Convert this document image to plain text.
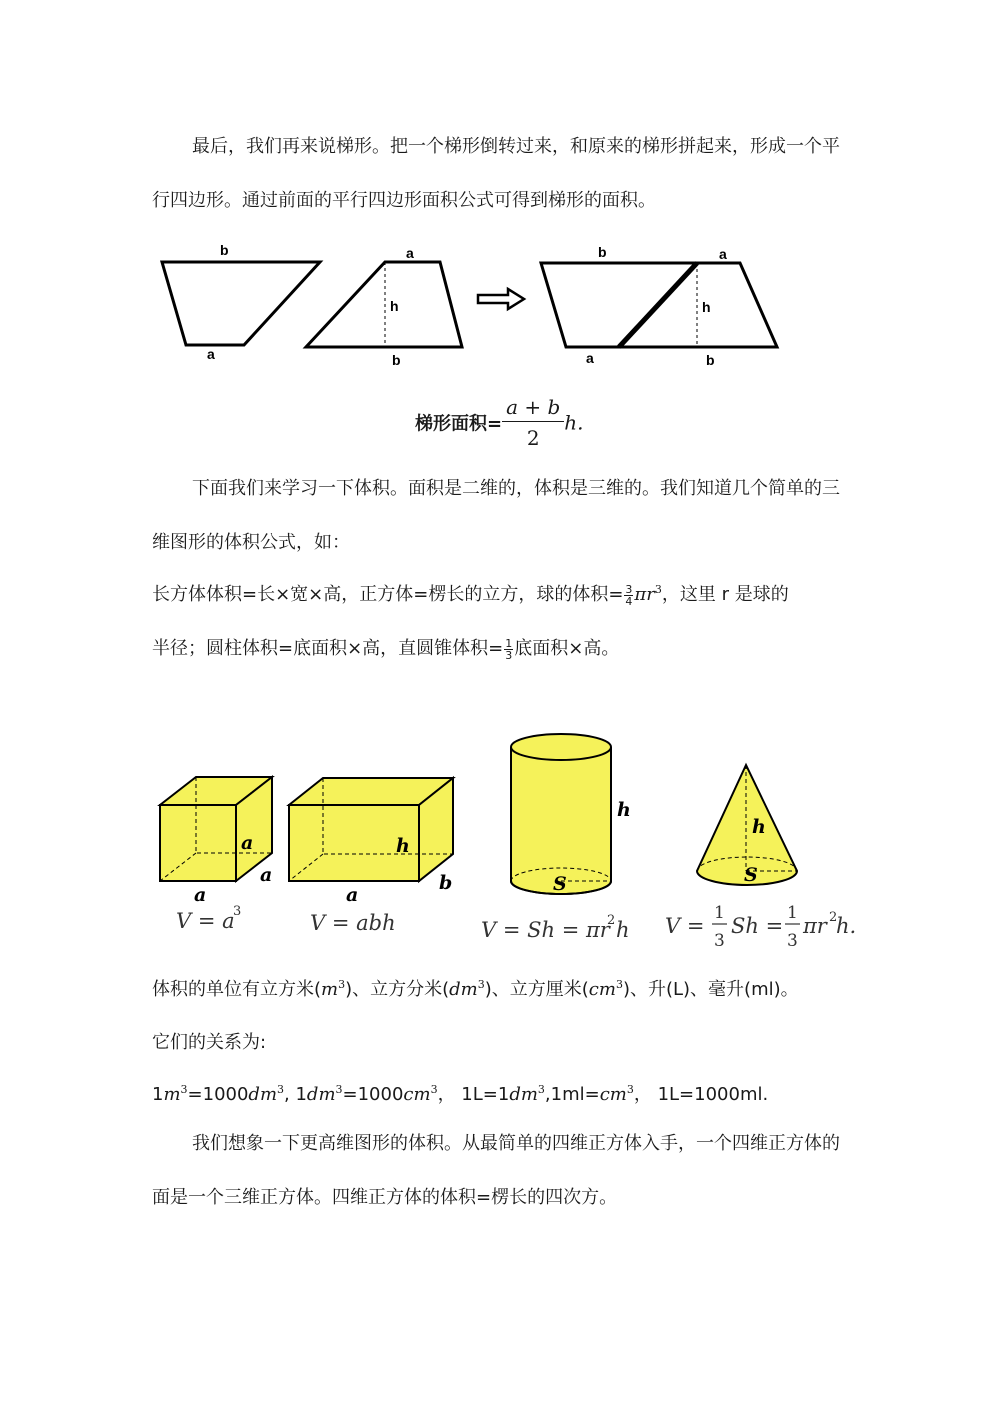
最后，我们再来说梯形。把一个梯形倒转过来，和原来的梯形拼起来，形成一个平行四边形。通过前面的平行四边形面积公式可得到梯形的面积。

b
a
a
h
b
b	a
h
a	b
梯形面积= $\frac{a + b}{2} h$.

下面我们来学习一下体积。面积是二维的，体积是三维的。我们知道几个简单的三维图形的体积公式，如：

长方体体积=长×宽×高，正方体=楞长的立方，球的体积= $\frac{3}{4} \pi r^3$，这里 r 是球的
半径；圆柱体积=底面积×高，直圆锥体积= $\frac{1}{3}$ 底面积×高。
a
a
a
V = a
3
h
a
b
V = abh
h
S
V = Sh = πr
2 h
h
S
V =
1
3
Sh =
1
3
πr 2
h.
体积的单位有立方米$(m^3)$、立方分米$(dm^3)$、立方厘米$(cm^3)$、升(L)、毫升(ml)。
它们的关系为:
$1m^3=1000dm^3$, $1dm^3=1000cm^3$， $1L=1dm^3,1ml=cm^3$， 1L=1000ml.

我们想象一下更高维图形的体积。从最简单的四维正方体入手，一个四维正方体的面是一个三维正方体。四维正方体的体积=楞长的四次方。
